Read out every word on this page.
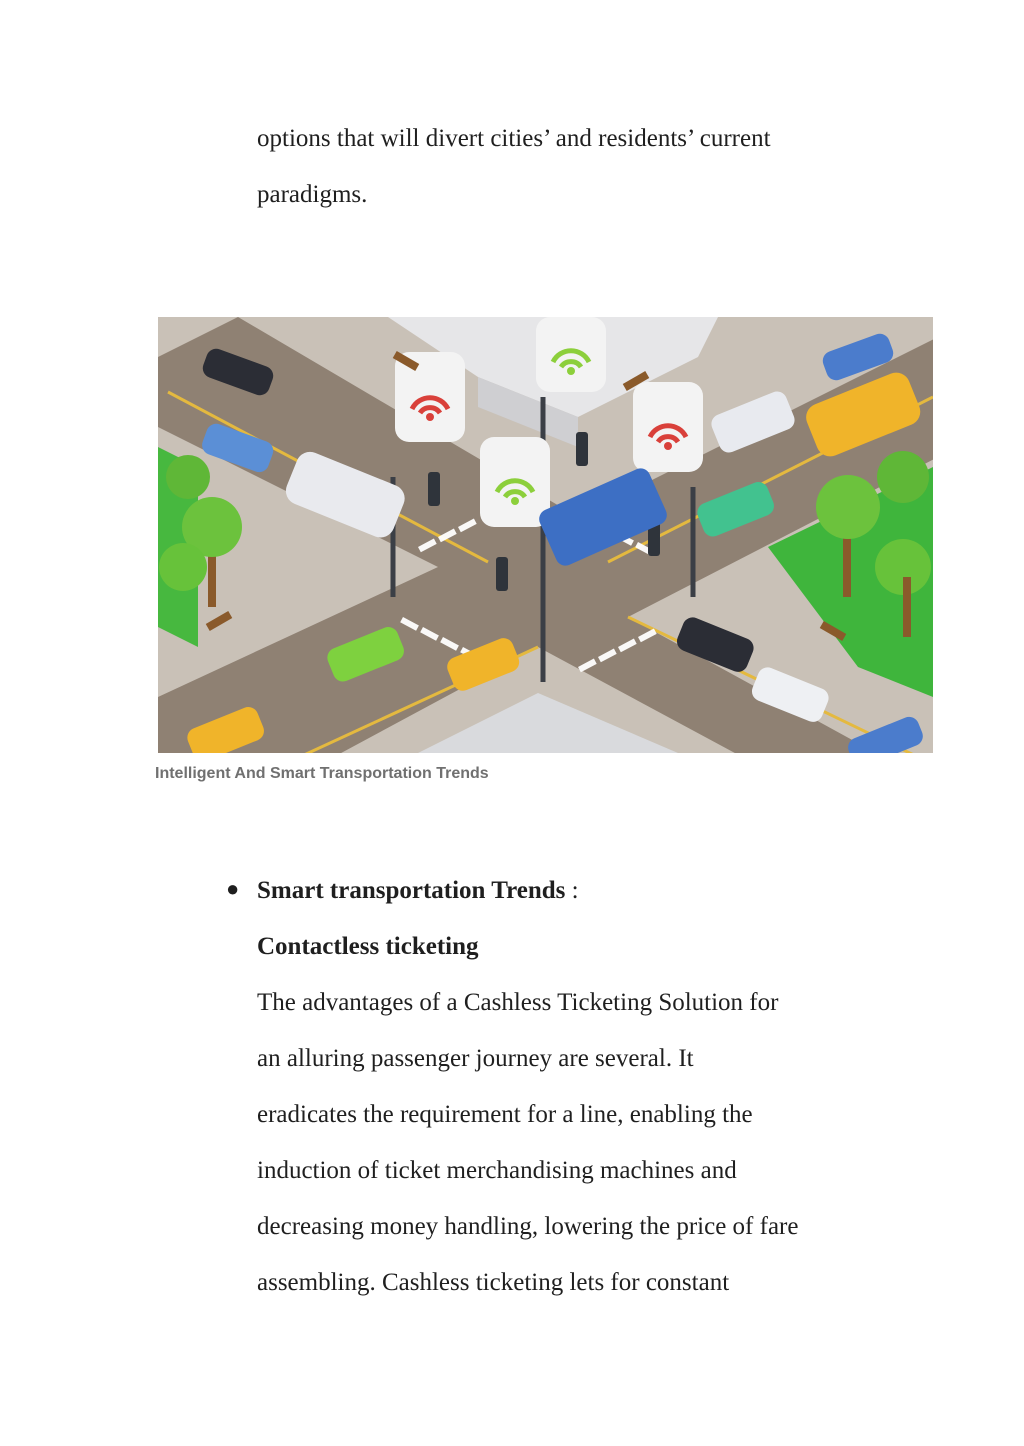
options that will divert cities’ and residents’ current
paradigms.
Intelligent And Smart Transportation Trends
● Smart transportation Trends :
Contactless ticketing
The advantages of a Cashless Ticketing Solution for
an alluring passenger journey are several. It
eradicates the requirement for a line, enabling the
induction of ticket merchandising machines and
decreasing money handling, lowering the price of fare
assembling. Cashless ticketing lets for constant
